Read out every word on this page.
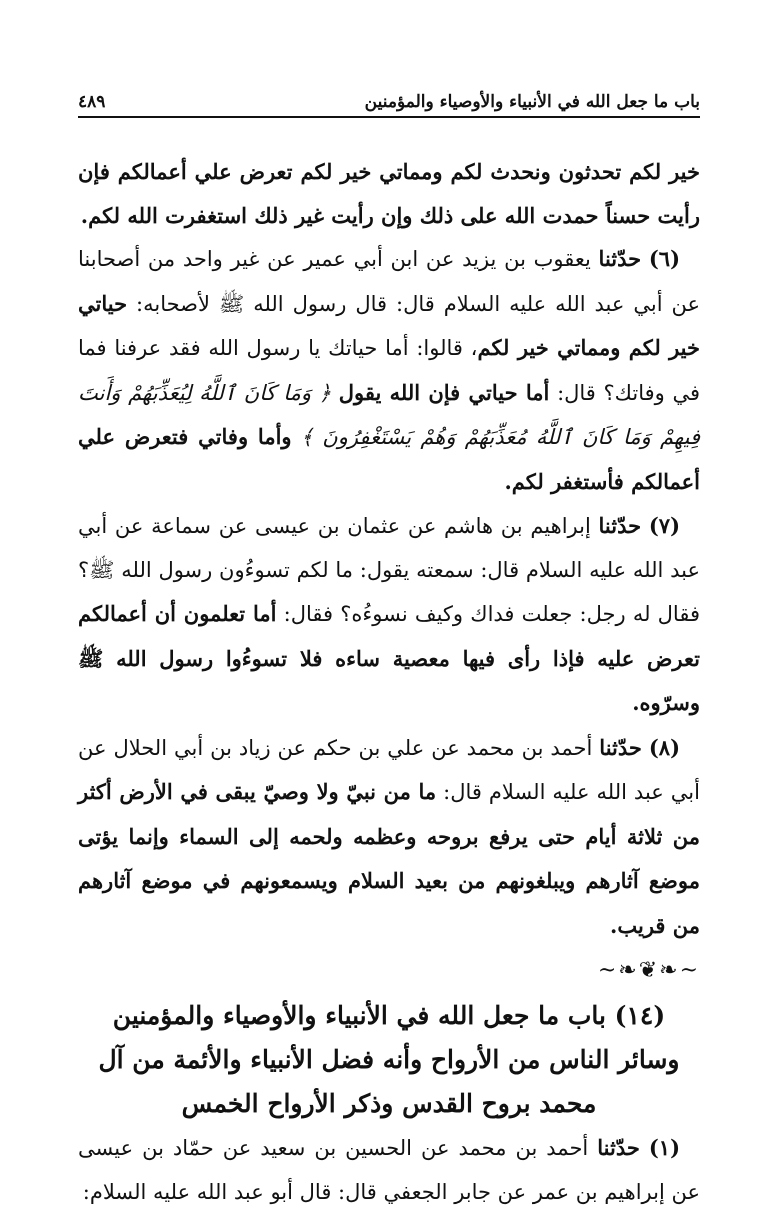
باب ما جعل الله في الأنبياء والأوصياء والمؤمنين
٤٨٩

خير لكم تحدثون ونحدث لكم ومماتي خير لكم تعرض علي أعمالكم فإن رأيت حسناً حمدت الله على ذلك وإن رأيت غير ذلك استغفرت الله لكم.

(٦) حدّثنا يعقوب بن يزيد عن ابن أبي عمير عن غير واحد من أصحابنا عن أبي عبد الله عليه السلام قال: قال رسول الله ﷺ لأصحابه: حياتي خير لكم ومماتي خير لكم، قالوا: أما حياتك يا رسول الله فقد عرفنا فما في وفاتك؟ قال: أما حياتي فإن الله يقول ﴿ وَمَا كَانَ ٱللَّهُ لِيُعَذِّبَهُمْ وَأَنتَ فِيهِمْ وَمَا كَانَ ٱللَّهُ مُعَذِّبَهُمْ وَهُمْ يَسْتَغْفِرُونَ ﴾ وأما وفاتي فتعرض علي أعمالكم فأستغفر لكم.

(٧) حدّثنا إبراهيم بن هاشم عن عثمان بن عيسى عن سماعة عن أبي عبد الله عليه السلام قال: سمعته يقول: ما لكم تسوءُون رسول الله ﷺ؟ فقال له رجل: جعلت فداك وكيف نسوءُه؟ فقال: أما تعلمون أن أعمالكم تعرض عليه فإذا رأى فيها معصية ساءه فلا تسوءُوا رسول الله ﷺ وسرّوه.

(٨) حدّثنا أحمد بن محمد عن علي بن حكم عن زياد بن أبي الحلال عن أبي عبد الله عليه السلام قال: ما من نبيّ ولا وصيّ يبقى في الأرض أكثر من ثلاثة أيام حتى يرفع بروحه وعظمه ولحمه إلى السماء وإنما يؤتى موضع آثارهم ويبلغونهم من بعيد السلام ويسمعونهم في موضع آثارهم من قريب.

~❧❦❧~
(١٤) باب ما جعل الله في الأنبياء والأوصياء والمؤمنين وسائر الناس من الأرواح وأنه فضل الأنبياء والأئمة من آل محمد بروح القدس وذكر الأرواح الخمس

(١) حدّثنا أحمد بن محمد عن الحسين بن سعيد عن حمّاد بن عيسى عن إبراهيم بن عمر عن جابر الجعفي قال: قال أبو عبد الله عليه السلام:
